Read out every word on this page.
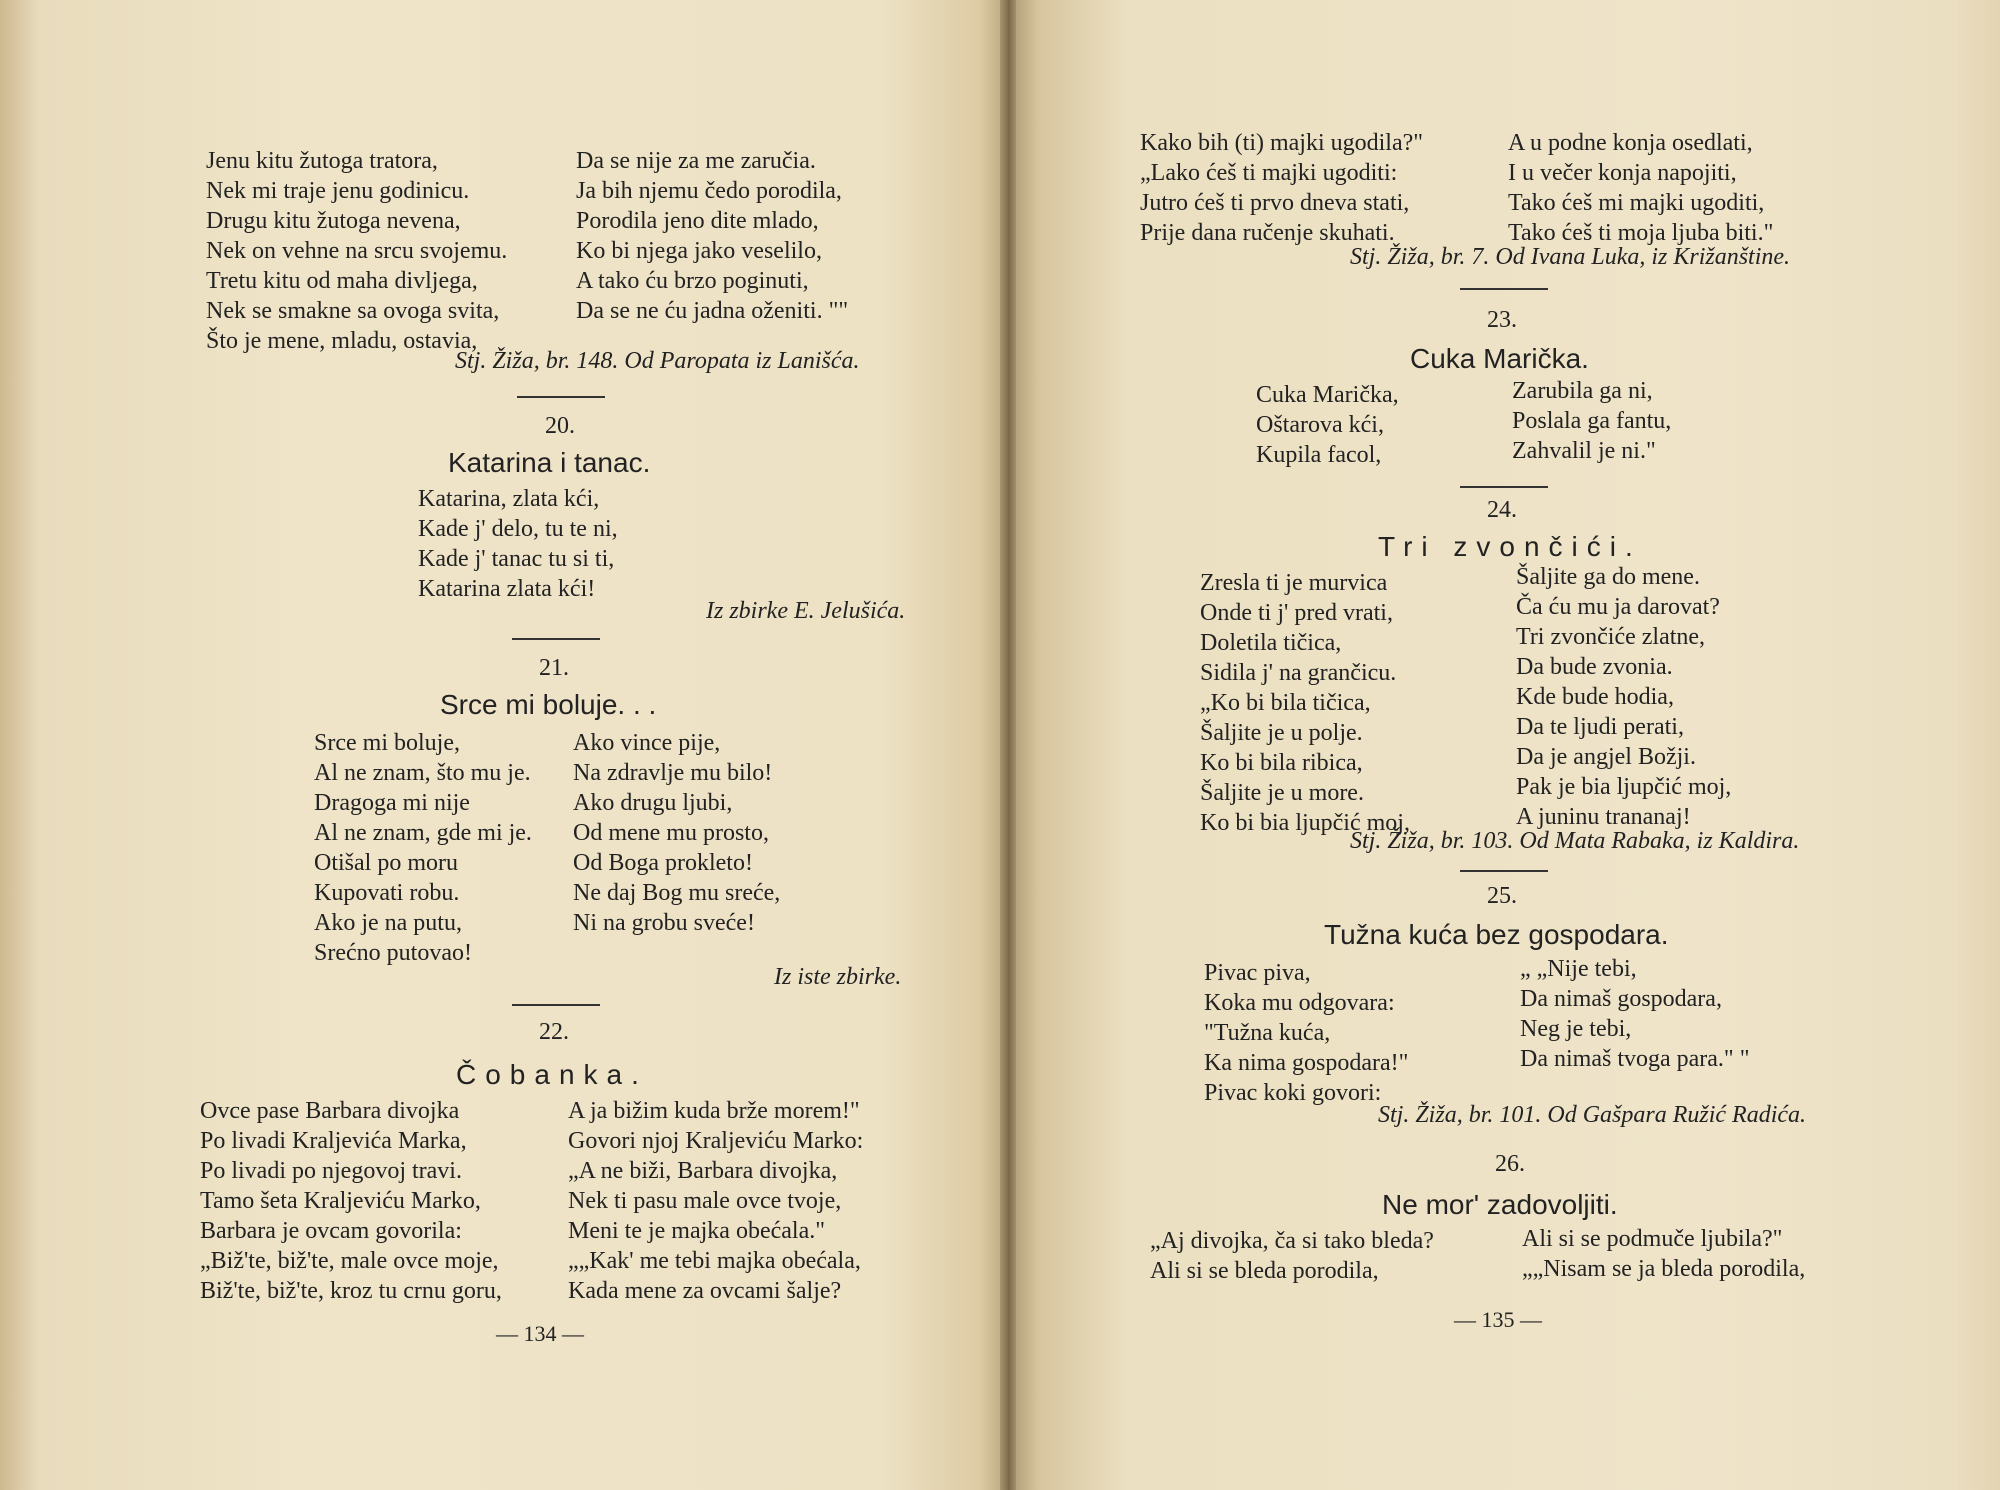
Jenu kitu žutoga tratora,
Nek mi traje jenu godinicu.
Drugu kitu žutoga nevena,
Nek on vehne na srcu svojemu.
Tretu kitu od maha divljega,
Nek se smakne sa ovoga svita,
Što je mene, mladu, ostavia,
Da se nije za me zaručia.
Ja bih njemu čedo porodila,
Porodila jeno dite mlado,
Ko bi njega jako veselilo,
A tako ću brzo poginuti,
Da se ne ću jadna oženiti. ""
Stj. Žiža, br. 148. Od Paropata iz Lanišća.
20.
Katarina i tanac.
Katarina, zlata kći,
Kade j' delo, tu te ni,
Kade j' tanac tu si ti,
Katarina zlata kći!
Iz zbirke E. Jelušića.
21.
Srce mi boluje. . .
Srce mi boluje,
Al ne znam, što mu je.
Dragoga mi nije
Al ne znam, gde mi je.
Otišal po moru
Kupovati robu.
Ako je na putu,
Srećno putovao!
Ako vince pije,
Na zdravlje mu bilo!
Ako drugu ljubi,
Od mene mu prosto,
Od Boga prokleto!
Ne daj Bog mu sreće,
Ni na grobu sveće!
Iz iste zbirke.
22.
Čobanka.
Ovce pase Barbara divojka
Po livadi Kraljevića Marka,
Po livadi po njegovoj travi.
Tamo šeta Kraljeviću Marko,
Barbara je ovcam govorila:
„Biž'te, biž'te, male ovce moje,
Biž'te, biž'te, kroz tu crnu goru,
A ja bižim kuda brže morem!"
Govori njoj Kraljeviću Marko:
„A ne biži, Barbara divojka,
Nek ti pasu male ovce tvoje,
Meni te je majka obećala."
„„Kak' me tebi majka obećala,
Kada mene za ovcami šalje?
— 134 —
Kako bih (ti) majki ugodila?"
„Lako ćeš ti majki ugoditi:
Jutro ćeš ti prvo dneva stati,
Prije dana ručenje skuhati.
A u podne konja osedlati,
I u večer konja napojiti,
Tako ćeš mi majki ugoditi,
Tako ćeš ti moja ljuba biti."
Stj. Žiža, br. 7. Od Ivana Luka, iz Križanštine.
23.
Cuka Marička.
Cuka Marička,
Oštarova kći,
Kupila facol,
Zarubila ga ni,
Poslala ga fantu,
Zahvalil je ni."
24.
Tri zvončići.
Zresla ti je murvica
Onde ti j' pred vrati,
Doletila tičica,
Sidila j' na grančicu.
„Ko bi bila tičica,
Šaljite je u polje.
Ko bi bila ribica,
Šaljite je u more.
Ko bi bia ljupčić moj,
Šaljite ga do mene.
Ča ću mu ja darovat?
Tri zvončiće zlatne,
Da bude zvonia.
Kde bude hodia,
Da te ljudi perati,
Da je angjel Božji.
Pak je bia ljupčić moj,
A juninu trananaj!
Stj. Žiža, br. 103. Od Mata Rabaka, iz Kaldira.
25.
Tužna kuća bez gospodara.
Pivac piva,
Koka mu odgovara:
"Tužna kuća,
Ka nima gospodara!"
Pivac koki govori:
„ „Nije tebi,
Da nimaš gospodara,
Neg je tebi,
Da nimaš tvoga para." "
Stj. Žiža, br. 101. Od Gašpara Ružić Radića.
26.
Ne mor' zadovoljiti.
„Aj divojka, ča si tako bleda?
Ali si se bleda porodila,
Ali si se podmuče ljubila?"
„„Nisam se ja bleda porodila,
— 135 —
